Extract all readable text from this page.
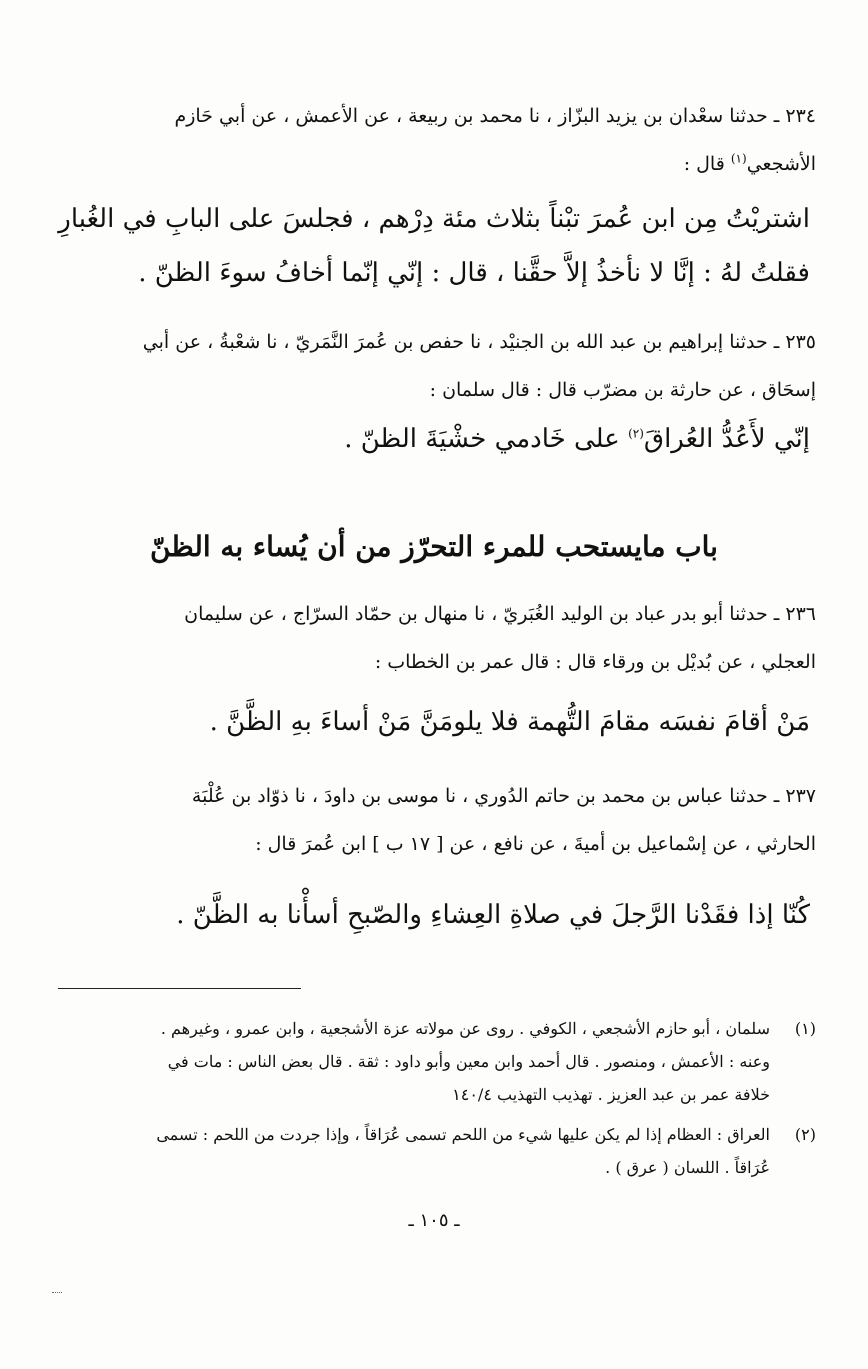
٢٣٤ ـ حدثنا سعْدان بن يزيد البزّاز ، نا محمد بن ربيعة ، عن الأعمش ، عن أبي حَازم
الأشجعي$^{(١)}$ قال :
اشتريْتُ مِن ابن عُمرَ تبْناً بثلاث مئة دِرْهم ، فجلسَ على البابِ في الغُبارِ
فقلتُ لهُ : إنَّا لا نأخذُ إلاَّ حقَّنا ، قال : إنّي إنّما أخافُ سوءَ الظنّ .
٢٣٥ ـ حدثنا إبراهيم بن عبد الله بن الجنيْد ، نا حفص بن عُمرَ النَّمَريّ ، نا شعْبةُ ، عن أبي
إسحَاق ، عن حارثة بن مضرّب قال : قال سلمان :
إنّي لأَعُدُّ العُراقَ$^{(٢)}$ على خَادمي خشْيَةَ الظنّ .
باب مايستحب للمرء التحرّز من أن يُساء به الظنّ
٢٣٦ ـ حدثنا أبو بدر عباد بن الوليد الغُبَريّ ، نا منهال بن حمّاد السرّاج ، عن سليمان
العجلي ، عن بُديْل بن ورقاء قال : قال عمر بن الخطاب :
مَنْ أقامَ نفسَه مقامَ التُّهمة فلا يلومَنَّ مَنْ أساءَ بهِ الظَّنَّ .
٢٣٧ ـ حدثنا عباس بن محمد بن حاتم الدُوري ، نا موسى بن داودَ ، نا ذوّاد بن عُلْبَة
الحارثي ، عن إسْماعيل بن أميةَ ، عن نافع ، عن [ ١٧ ب ] ابن عُمرَ قال :
كُنّا إذا فقَدْنا الرَّجلَ في صلاةِ العِشاءِ والصّبحِ أسأْنا به الظَّنّ .
(١)
سلمان ، أبو حازم الأشجعي ، الكوفي . روى عن مولاته عزة الأشجعية ، وابن عمرو ، وغيرهم .
وعنه : الأعمش ، ومنصور . قال أحمد وابن معين وأبو داود : ثقة . قال بعض الناس : مات في
خلافة عمر بن عبد العزيز . تهذيب التهذيب ١٤٠/٤
(٢)
العراق : العظام إذا لم يكن عليها شيء من اللحم تسمى عُرَاقاً ، وإذا جردت من اللحم : تسمى
عُرَاقاً . اللسان ( عرق ) .
ـ ١٠٥ ـ
